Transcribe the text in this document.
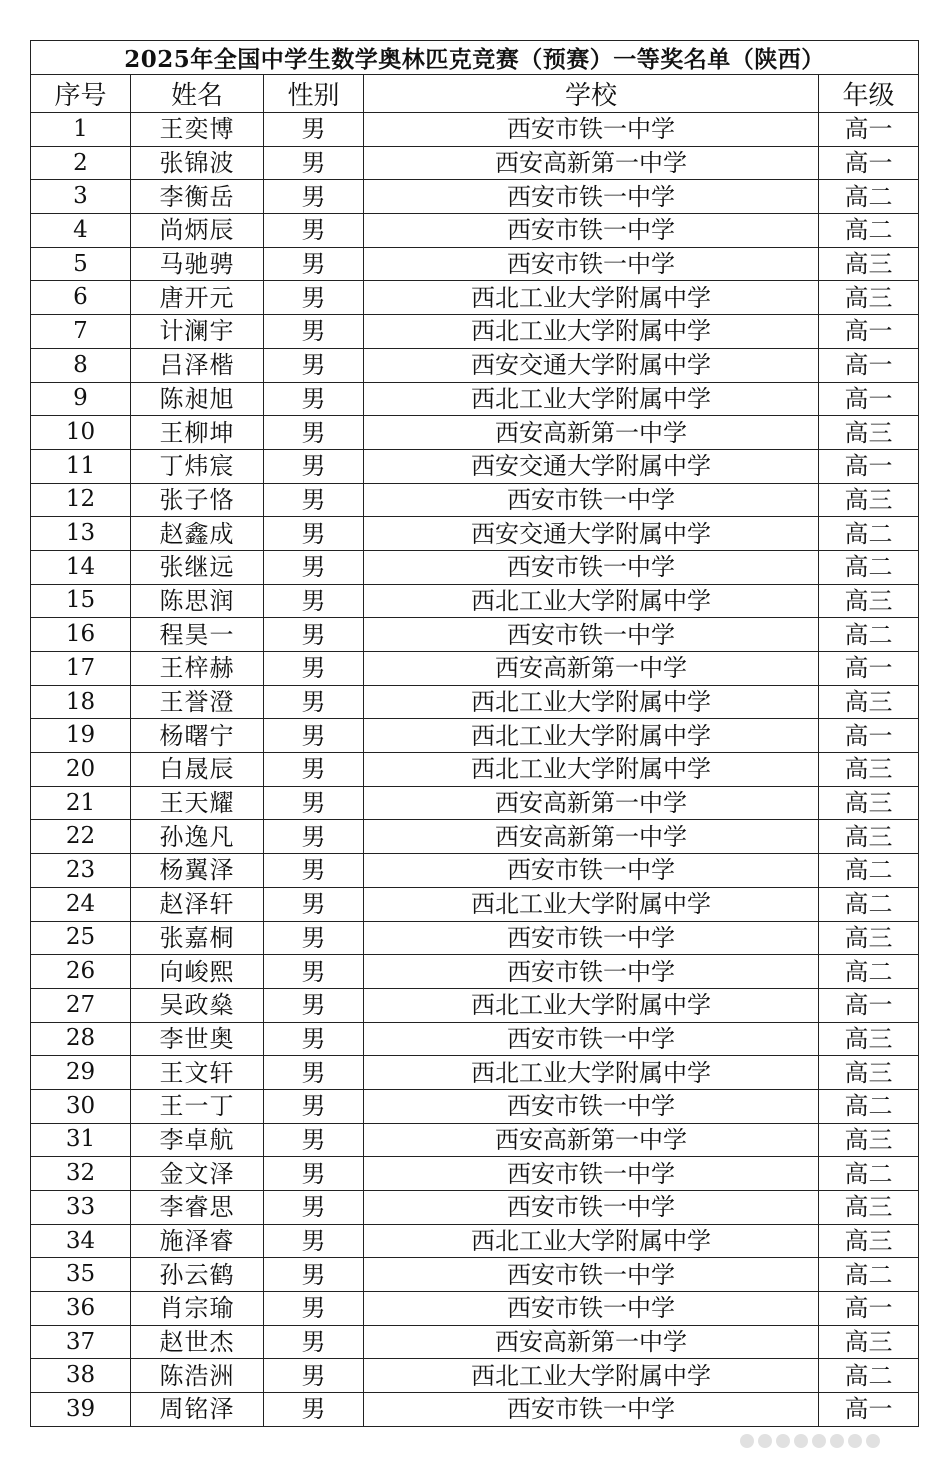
2025年全国中学生数学奥林匹克竞赛（预赛）一等奖名单（陕西）				
序号	姓名	性别	学校	年级
1	王奕博	男	西安市铁一中学	高一
2	张锦波	男	西安高新第一中学	高一
3	李衡岳	男	西安市铁一中学	高二
4	尚炳辰	男	西安市铁一中学	高二
5	马驰骋	男	西安市铁一中学	高三
6	唐开元	男	西北工业大学附属中学	高三
7	计澜宇	男	西北工业大学附属中学	高一
8	吕泽楷	男	西安交通大学附属中学	高一
9	陈昶旭	男	西北工业大学附属中学	高一
10	王柳坤	男	西安高新第一中学	高三
11	丁炜宸	男	西安交通大学附属中学	高一
12	张子恪	男	西安市铁一中学	高三
13	赵鑫成	男	西安交通大学附属中学	高二
14	张继远	男	西安市铁一中学	高二
15	陈思润	男	西北工业大学附属中学	高三
16	程昊一	男	西安市铁一中学	高二
17	王梓赫	男	西安高新第一中学	高一
18	王誉澄	男	西北工业大学附属中学	高三
19	杨曙宁	男	西北工业大学附属中学	高一
20	白晟辰	男	西北工业大学附属中学	高三
21	王天耀	男	西安高新第一中学	高三
22	孙逸凡	男	西安高新第一中学	高三
23	杨翼泽	男	西安市铁一中学	高二
24	赵泽轩	男	西北工业大学附属中学	高二
25	张嘉桐	男	西安市铁一中学	高三
26	向峻熙	男	西安市铁一中学	高二
27	吴政燊	男	西北工业大学附属中学	高一
28	李世奥	男	西安市铁一中学	高三
29	王文轩	男	西北工业大学附属中学	高三
30	王一丁	男	西安市铁一中学	高二
31	李卓航	男	西安高新第一中学	高三
32	金文泽	男	西安市铁一中学	高二
33	李睿思	男	西安市铁一中学	高三
34	施泽睿	男	西北工业大学附属中学	高三
35	孙云鹤	男	西安市铁一中学	高二
36	肖宗瑜	男	西安市铁一中学	高一
37	赵世杰	男	西安高新第一中学	高三
38	陈浩洲	男	西北工业大学附属中学	高二
39	周铭泽	男	西安市铁一中学	高一
